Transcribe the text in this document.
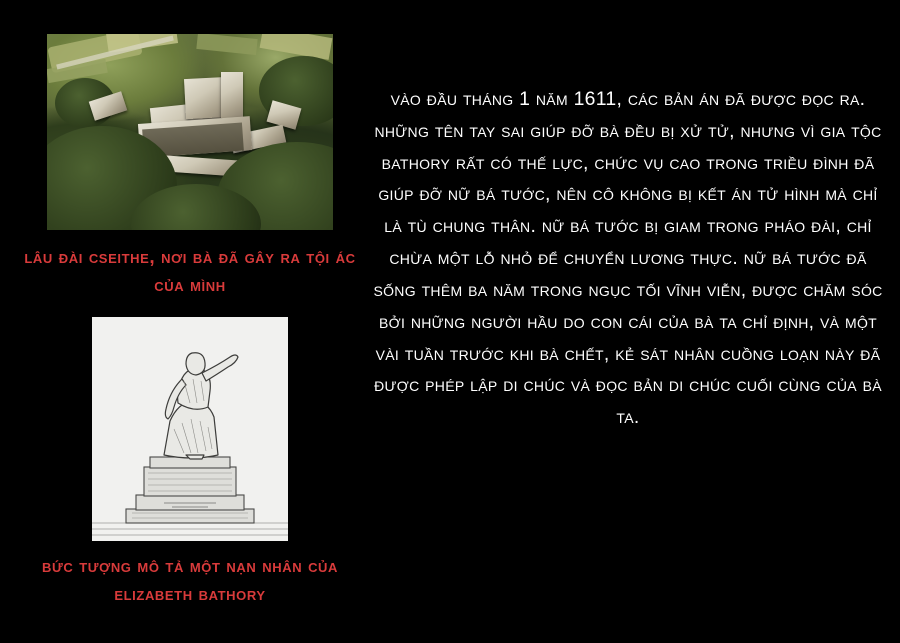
lâu đài cseithe, nơi bà đã gây ra tội ác của mình
bức tượng mô tả một nạn nhân của elizabeth bathory
vào đầu tháng 1 năm 1611, các bản án đã được đọc ra. những tên tay sai giúp đỡ bà đều bị xử tử, nhưng vì gia tộc bathory rất có thế lực, chức vụ cao trong triều đình đã giúp đỡ nữ bá tước, nên cô không bị kết án tử hình mà chỉ là tù chung thân. nữ bá tước bị giam trong pháo đài, chỉ chừa một lỗ nhỏ để chuyển lương thực. nữ bá tước đã sống thêm ba năm trong ngục tối vĩnh viễn, được chăm sóc bởi những người hầu do con cái của bà ta chỉ định, và một vài tuần trước khi bà chết, kẻ sát nhân cuồng loạn này đã được phép lập di chúc và đọc bản di chúc cuối cùng của bà ta.
